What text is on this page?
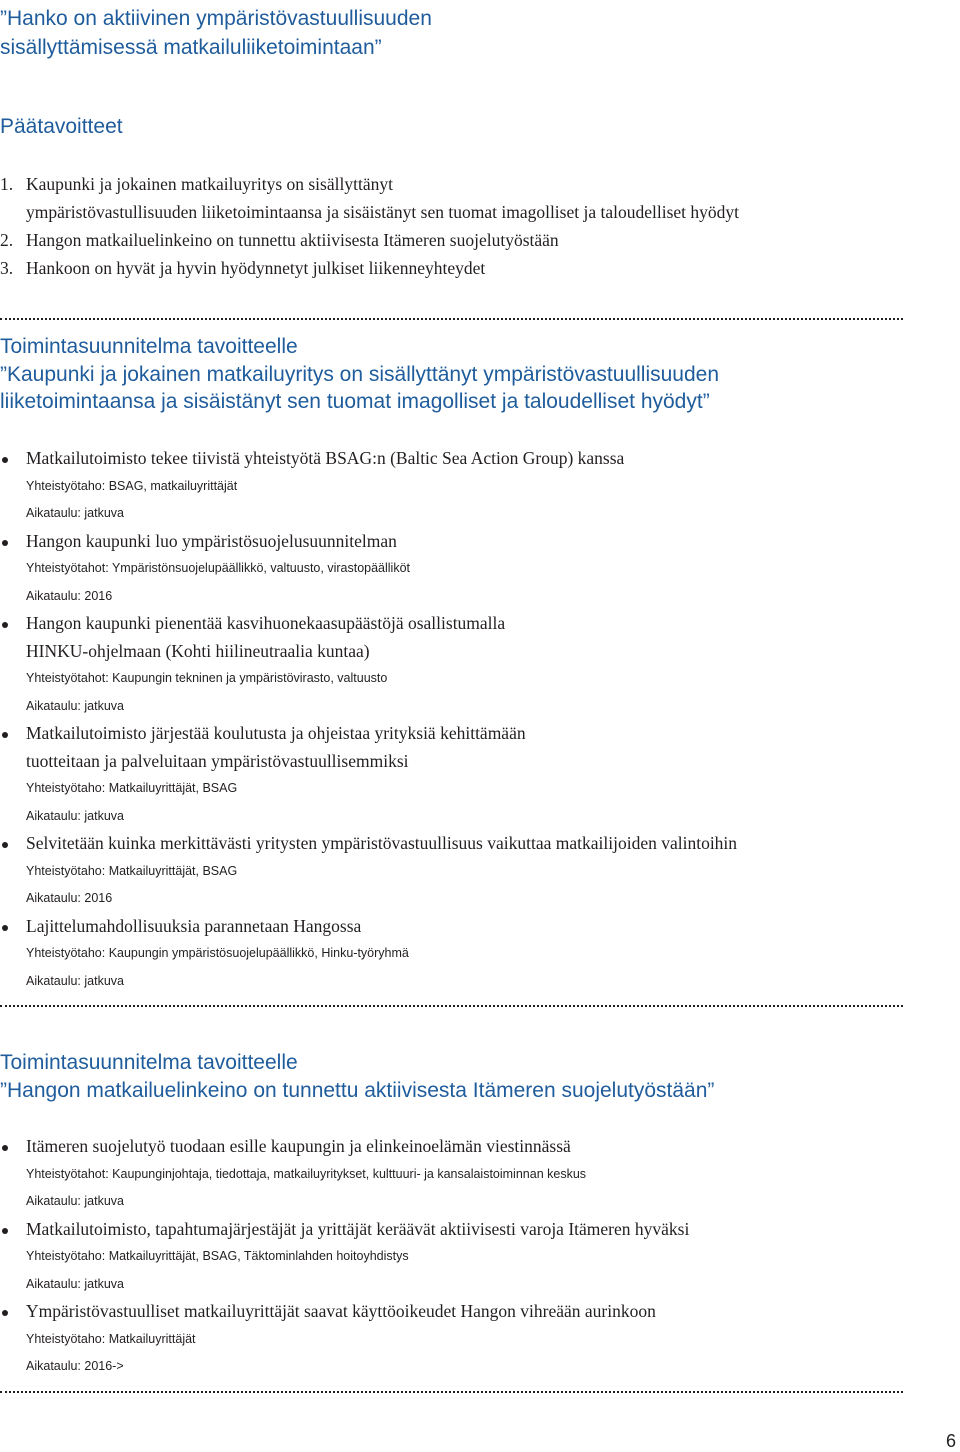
”Hanko on aktiivinen ympäristövastuullisuuden
sisällyttämisessä matkailuliiketoimintaan”
Päätavoitteet
1. Kaupunki ja jokainen matkailuyritys on sisällyttänyt
ympäristövastullisuuden liiketoimintaansa ja sisäistänyt sen tuomat imagolliset ja taloudelliset hyödyt
2. Hangon matkailuelinkeino on tunnettu aktiivisesta Itämeren suojelutyöstään
3. Hankoon on hyvät ja hyvin hyödynnetyt julkiset liikenneyhteydet
Toimintasuunnitelma tavoitteelle
”Kaupunki ja jokainen matkailuyritys on sisällyttänyt ympäristövastuullisuuden
liiketoimintaansa ja sisäistänyt sen tuomat imagolliset ja taloudelliset hyödyt”
Matkailutoimisto tekee tiivistä yhteistyötä BSAG:n (Baltic Sea Action Group) kanssa
Yhteistyötaho: BSAG, matkailuyrittäjät
Aikataulu: jatkuva
Hangon kaupunki luo ympäristösuojelusuunnitelman
Yhteistyötahot: Ympäristönsuojelupäällikkö, valtuusto, virastopäälliköt
Aikataulu: 2016
Hangon kaupunki pienentää kasvihuonekaasupäästöjä osallistumalla
HINKU-ohjelmaan (Kohti hiilineutraalia kuntaa)
Yhteistyötahot: Kaupungin tekninen ja ympäristövirasto, valtuusto
Aikataulu: jatkuva
Matkailutoimisto järjestää koulutusta ja ohjeistaa yrityksiä kehittämään
tuotteitaan ja palveluitaan ympäristövastuullisemmiksi
Yhteistyötaho: Matkailuyrittäjät, BSAG
Aikataulu: jatkuva
Selvitetään kuinka merkittävästi yritysten ympäristövastuullisuus vaikuttaa matkailijoiden valintoihin
Yhteistyötaho: Matkailuyrittäjät, BSAG
Aikataulu: 2016
Lajittelumahdollisuuksia parannetaan Hangossa
Yhteistyötaho: Kaupungin ympäristösuojelupäällikkö, Hinku-työryhmä
Aikataulu: jatkuva
Toimintasuunnitelma tavoitteelle
”Hangon matkailuelinkeino on tunnettu aktiivisesta Itämeren suojelutyöstään”
Itämeren suojelutyö tuodaan esille kaupungin ja elinkeinoelämän viestinnässä
Yhteistyötahot: Kaupunginjohtaja, tiedottaja, matkailuyritykset, kulttuuri- ja kansalaistoiminnan keskus
Aikataulu: jatkuva
Matkailutoimisto, tapahtumajärjestäjät ja yrittäjät keräävät aktiivisesti varoja Itämeren hyväksi
Yhteistyötaho: Matkailuyrittäjät, BSAG, Täktominlahden hoitoyhdistys
Aikataulu: jatkuva
Ympäristövastuulliset matkailuyrittäjät saavat käyttöoikeudet Hangon vihreään aurinkoon
Yhteistyötaho: Matkailuyrittäjät
Aikataulu: 2016->
6
